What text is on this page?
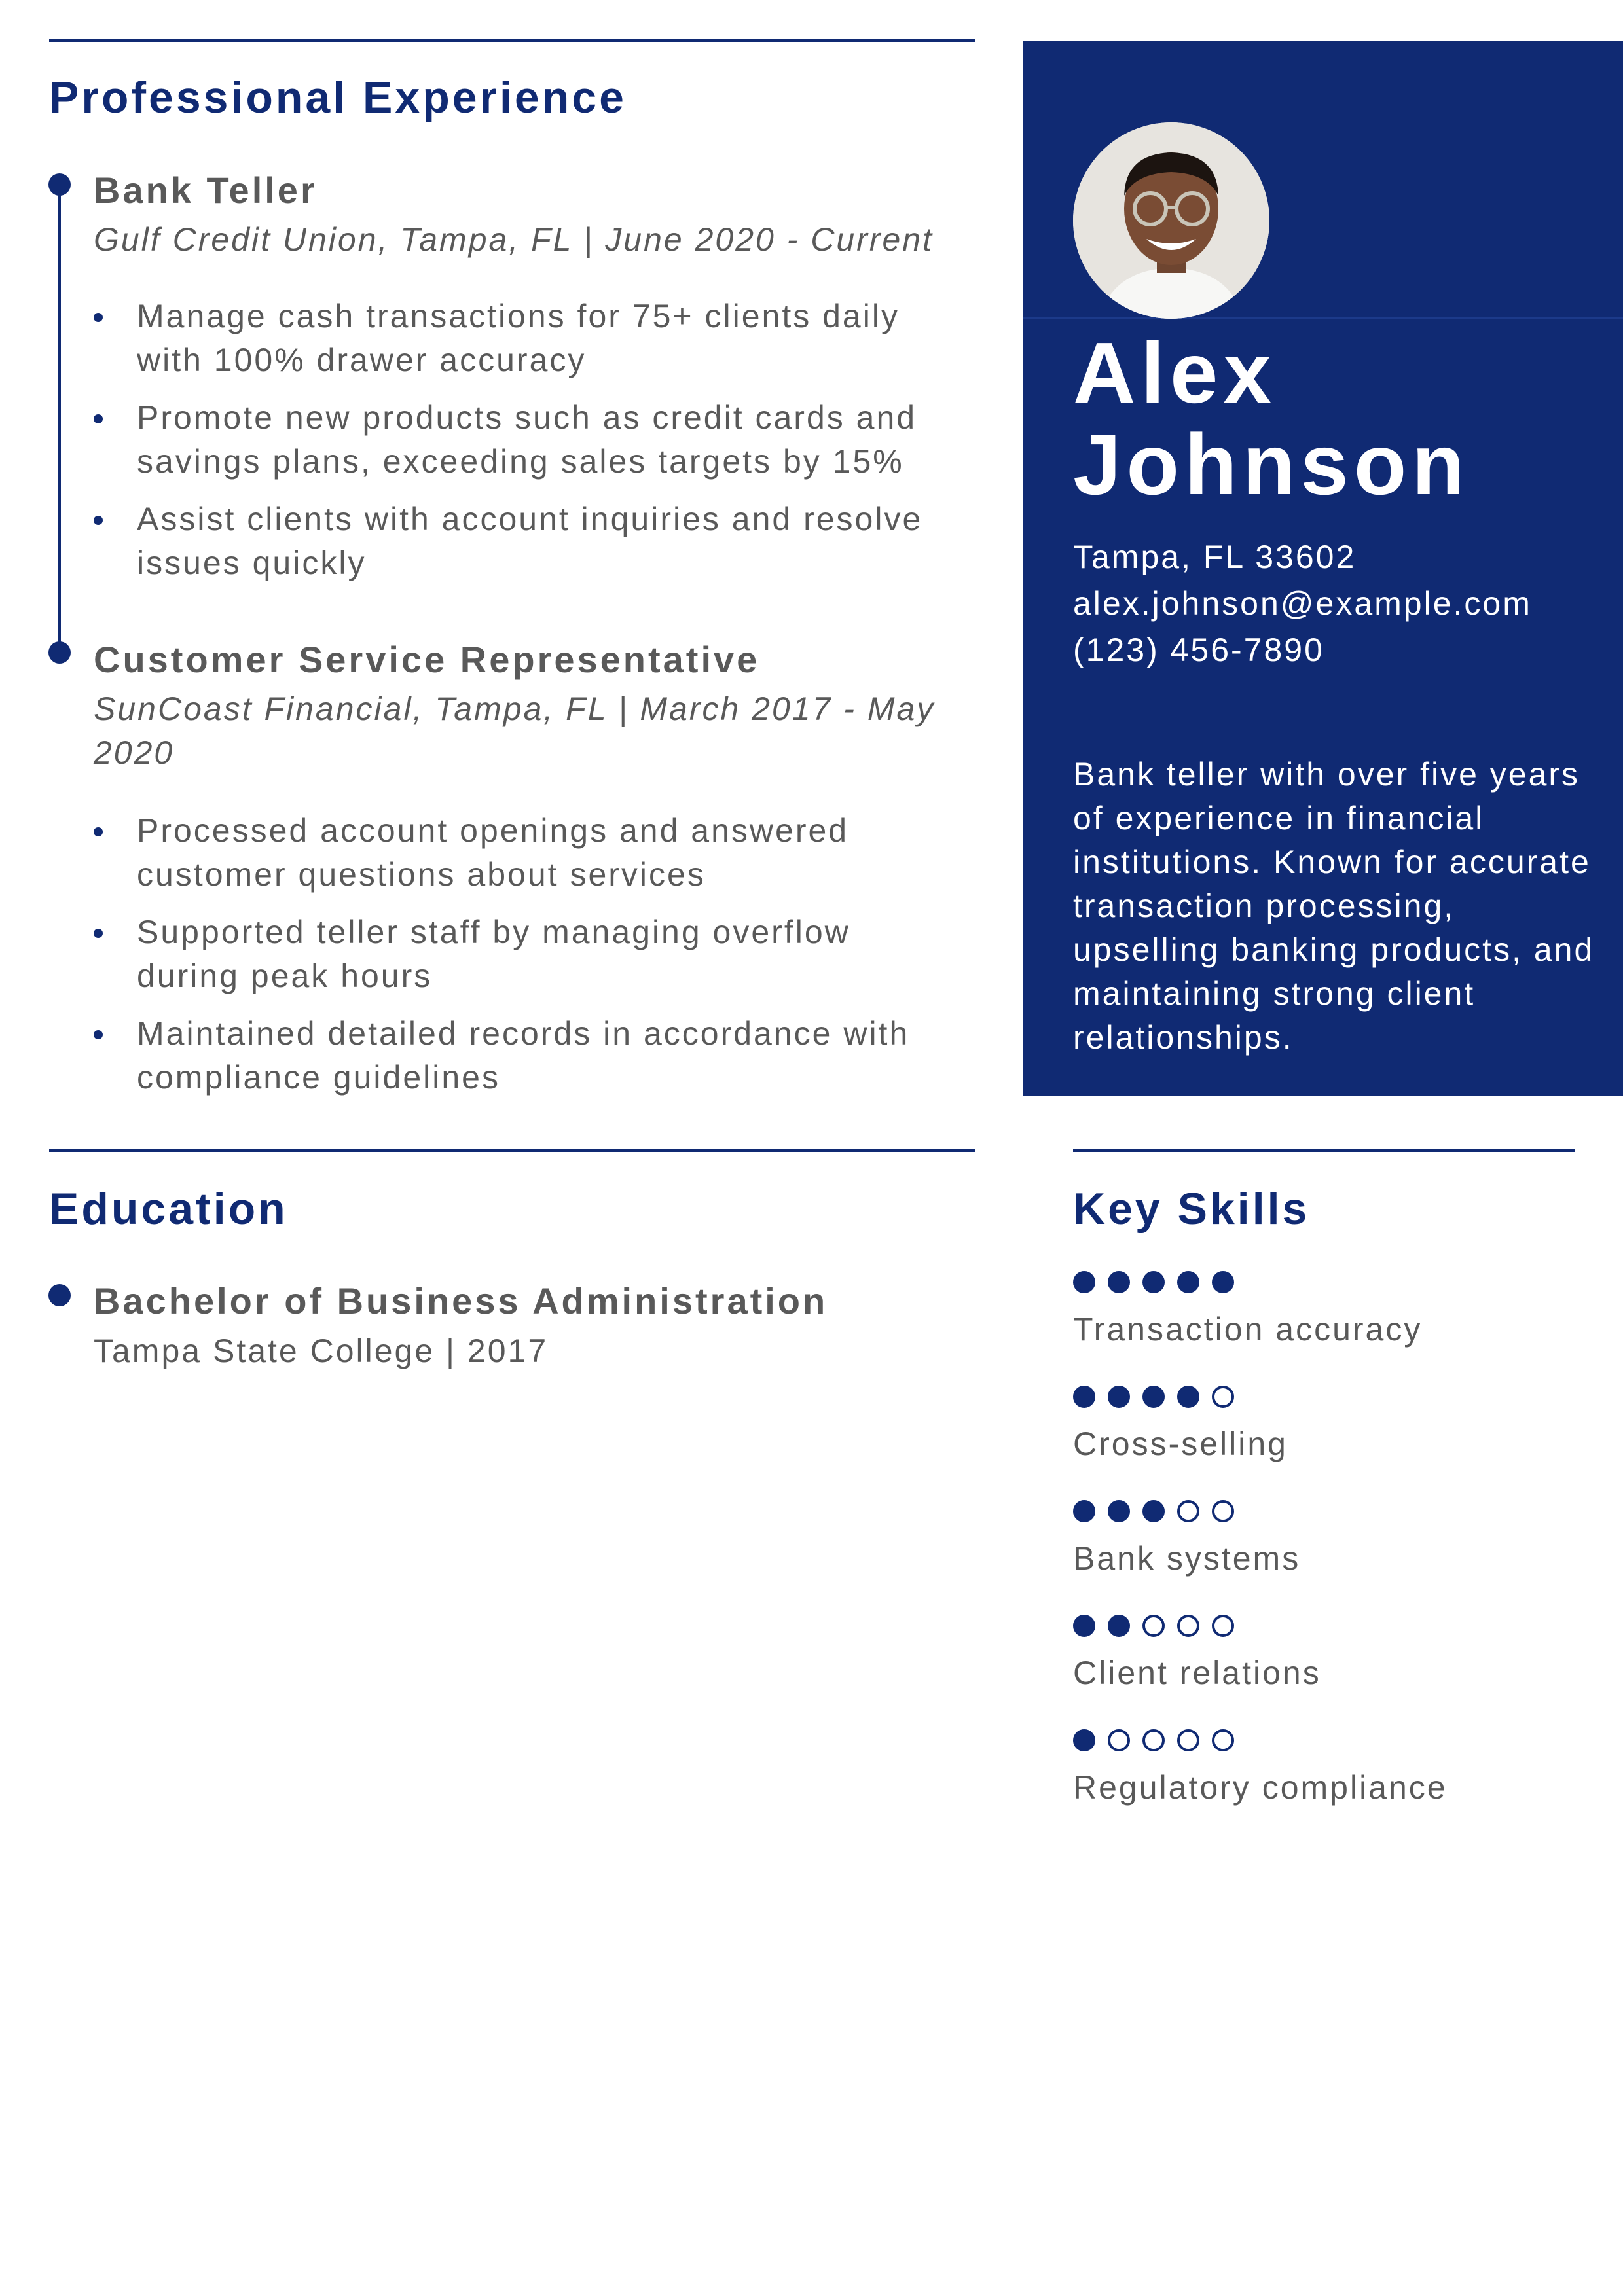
Professional Experience
Bank Teller

Gulf Credit Union, Tampa, FL | June 2020 - Current

Manage cash transactions for 75+ clients daily with 100% drawer accuracy
Promote new products such as credit cards and savings plans, exceeding sales targets by 15%
Assist clients with account inquiries and resolve issues quickly
Customer Service Representative

SunCoast Financial, Tampa, FL | March 2017 - May 2020

Processed account openings and answered customer questions about services
Supported teller staff by managing overflow during peak hours
Maintained detailed records in accordance with compliance guidelines
Education
Bachelor of Business Administration
Tampa State College | 2017
Alex
Johnson
Tampa, FL 33602
alex.johnson@example.com
(123) 456-7890

Bank teller with over five years of experience in financial institutions. Known for accurate transaction processing, upselling banking products, and maintaining strong client relationships.

Key Skills
Transaction accuracy
Cross-selling
Bank systems
Client relations
Regulatory compliance
